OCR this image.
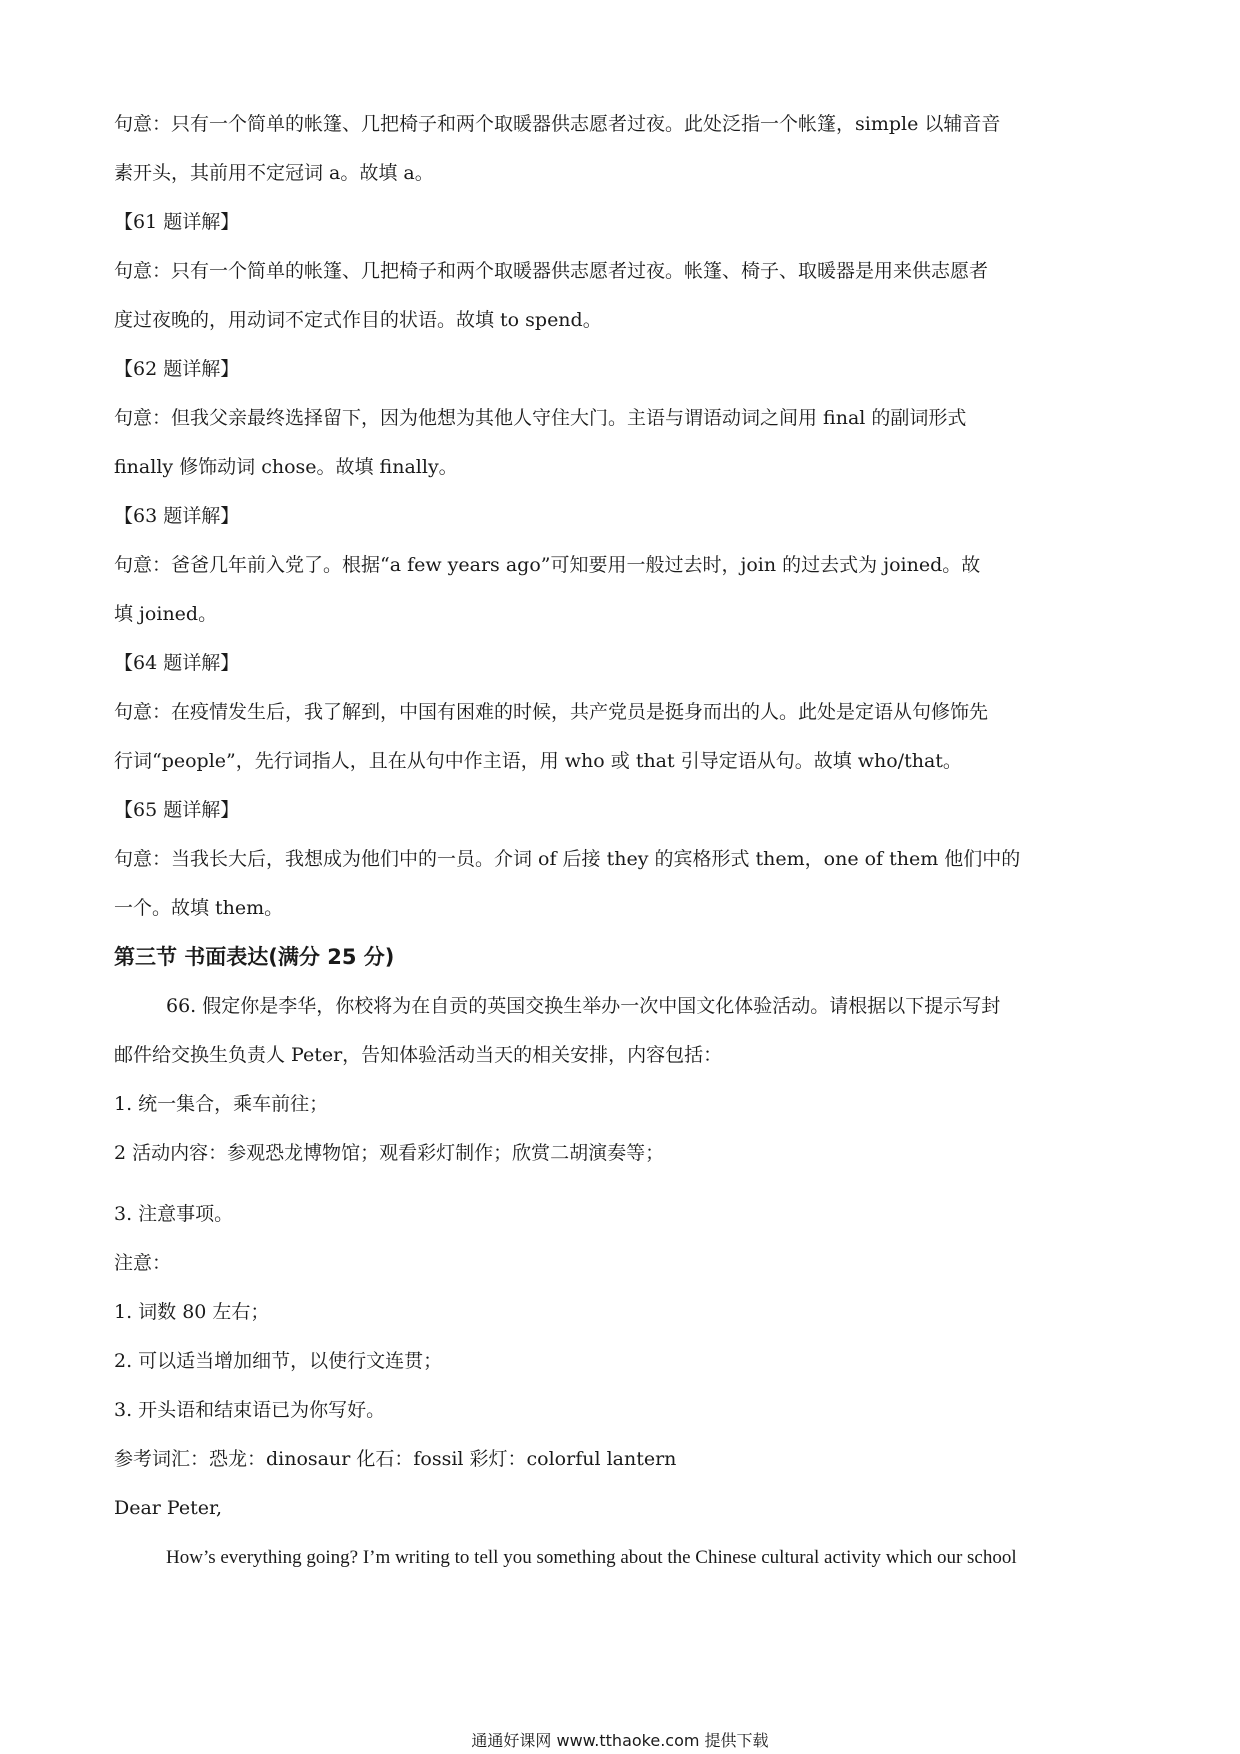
句意：只有一个简单的帐篷、几把椅子和两个取暖器供志愿者过夜。此处泛指一个帐篷，simple 以辅音音
素开头，其前用不定冠词 a。故填 a。
【61 题详解】
句意：只有一个简单的帐篷、几把椅子和两个取暖器供志愿者过夜。帐篷、椅子、取暖器是用来供志愿者
度过夜晚的，用动词不定式作目的状语。故填 to spend。
【62 题详解】
句意：但我父亲最终选择留下，因为他想为其他人守住大门。主语与谓语动词之间用 final 的副词形式
finally 修饰动词 chose。故填 finally。
【63 题详解】
句意：爸爸几年前入党了。根据“a few years ago”可知要用一般过去时，join 的过去式为 joined。故
填 joined。
【64 题详解】
句意：在疫情发生后，我了解到，中国有困难的时候，共产党员是挺身而出的人。此处是定语从句修饰先
行词“people”，先行词指人，且在从句中作主语，用 who 或 that 引导定语从句。故填 who/that。
【65 题详解】
句意：当我长大后，我想成为他们中的一员。介词 of 后接 they 的宾格形式 them，one of them 他们中的
一个。故填 them。
第三节 书面表达(满分 25 分)
66. 假定你是李华，你校将为在自贡的英国交换生举办一次中国文化体验活动。请根据以下提示写封
邮件给交换生负责人 Peter，告知体验活动当天的相关安排，内容包括：
1. 统一集合，乘车前往；
2 活动内容：参观恐龙博物馆；观看彩灯制作；欣赏二胡演奏等；
3. 注意事项。
注意：
1. 词数 80 左右；
2. 可以适当增加细节，以使行文连贯；
3. 开头语和结束语已为你写好。
参考词汇：恐龙：dinosaur 化石：fossil 彩灯：colorful lantern
Dear Peter,
How’s everything going? I’m writing to tell you something about the Chinese cultural activity which our school
通通好课网 www.tthaoke.com 提供下载
